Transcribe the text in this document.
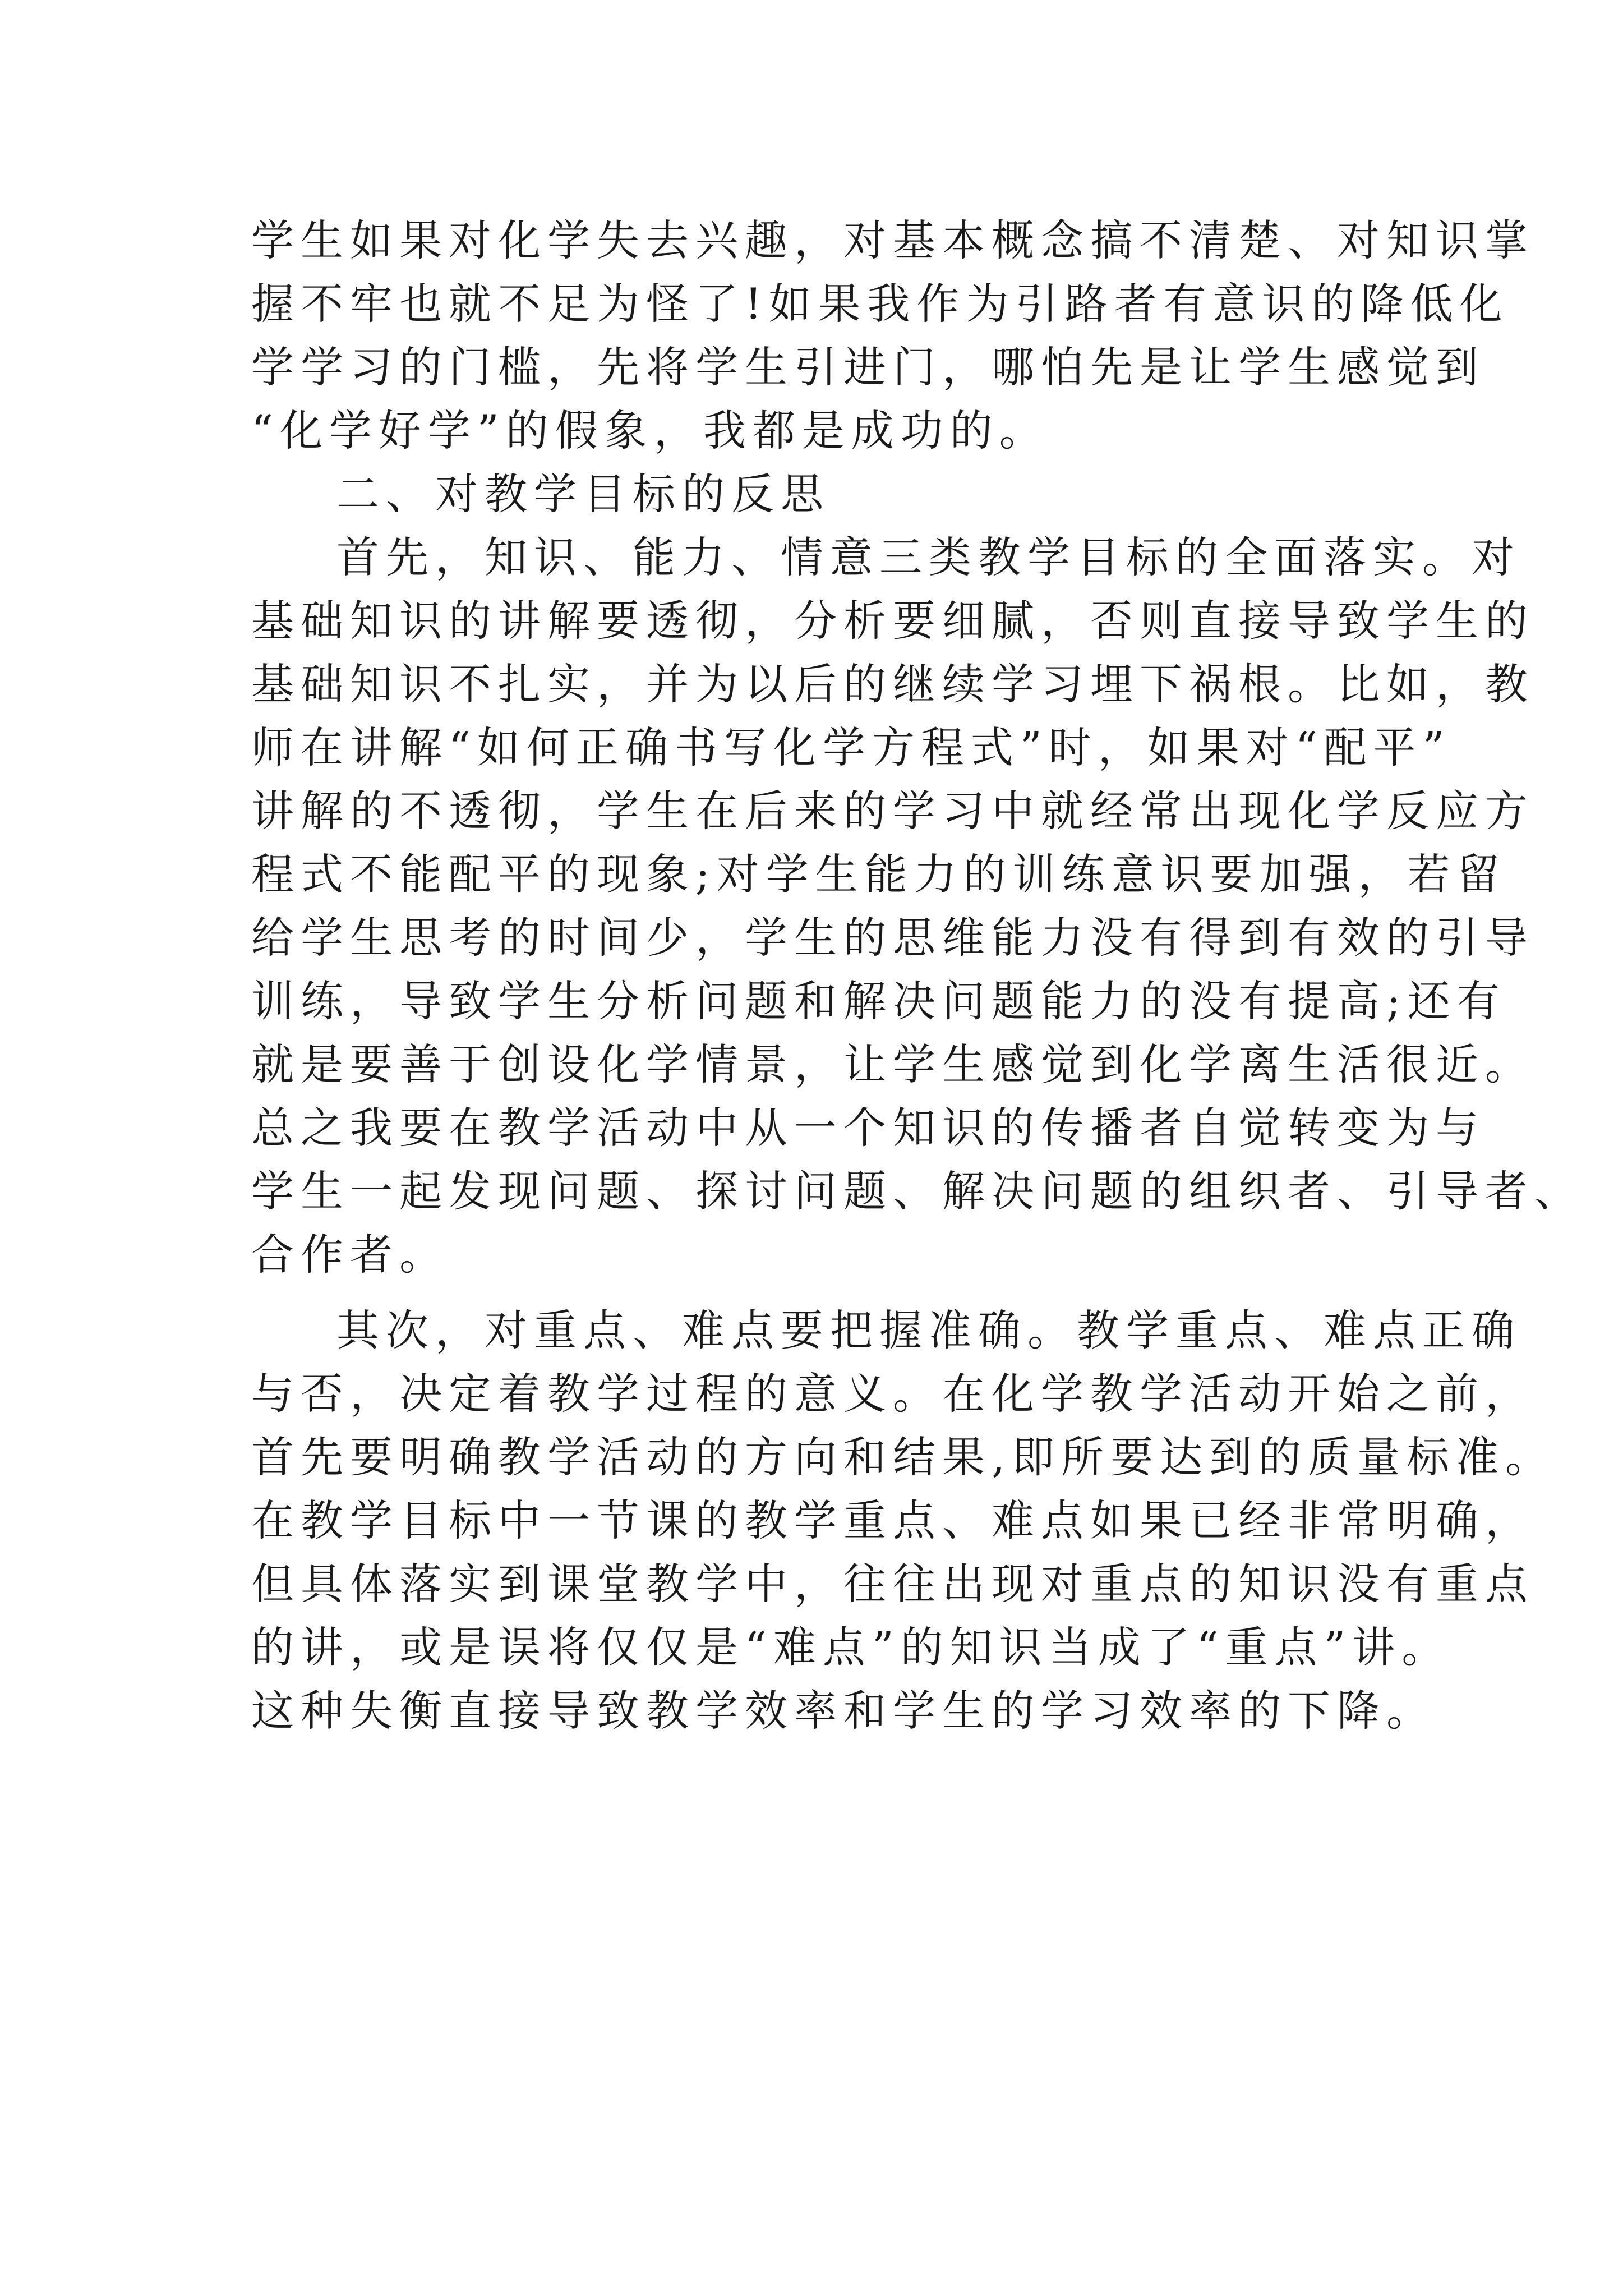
学生如果对化学失去兴趣，对基本概念搞不清楚、对知识掌
握不牢也就不足为怪了!如果我作为引路者有意识的降低化
学学习的门槛，先将学生引进门，哪怕先是让学生感觉到
“化学好学”的假象，我都是成功的。
二、对教学目标的反思
首先，知识、能力、情意三类教学目标的全面落实。对
基础知识的讲解要透彻，分析要细腻，否则直接导致学生的
基础知识不扎实，并为以后的继续学习埋下祸根。比如，教
师在讲解“如何正确书写化学方程式”时，如果对“配平”
讲解的不透彻，学生在后来的学习中就经常出现化学反应方
程式不能配平的现象;对学生能力的训练意识要加强，若留
给学生思考的时间少，学生的思维能力没有得到有效的引导
训练，导致学生分析问题和解决问题能力的没有提高;还有
就是要善于创设化学情景，让学生感觉到化学离生活很近。
总之我要在教学活动中从一个知识的传播者自觉转变为与
学生一起发现问题、探讨问题、解决问题的组织者、引导者、
合作者。
其次，对重点、难点要把握准确。教学重点、难点正确
与否，决定着教学过程的意义。在化学教学活动开始之前，
首先要明确教学活动的方向和结果,即所要达到的质量标准。
在教学目标中一节课的教学重点、难点如果已经非常明确，
但具体落实到课堂教学中，往往出现对重点的知识没有重点
的讲，或是误将仅仅是“难点”的知识当成了“重点”讲。
这种失衡直接导致教学效率和学生的学习效率的下降。
